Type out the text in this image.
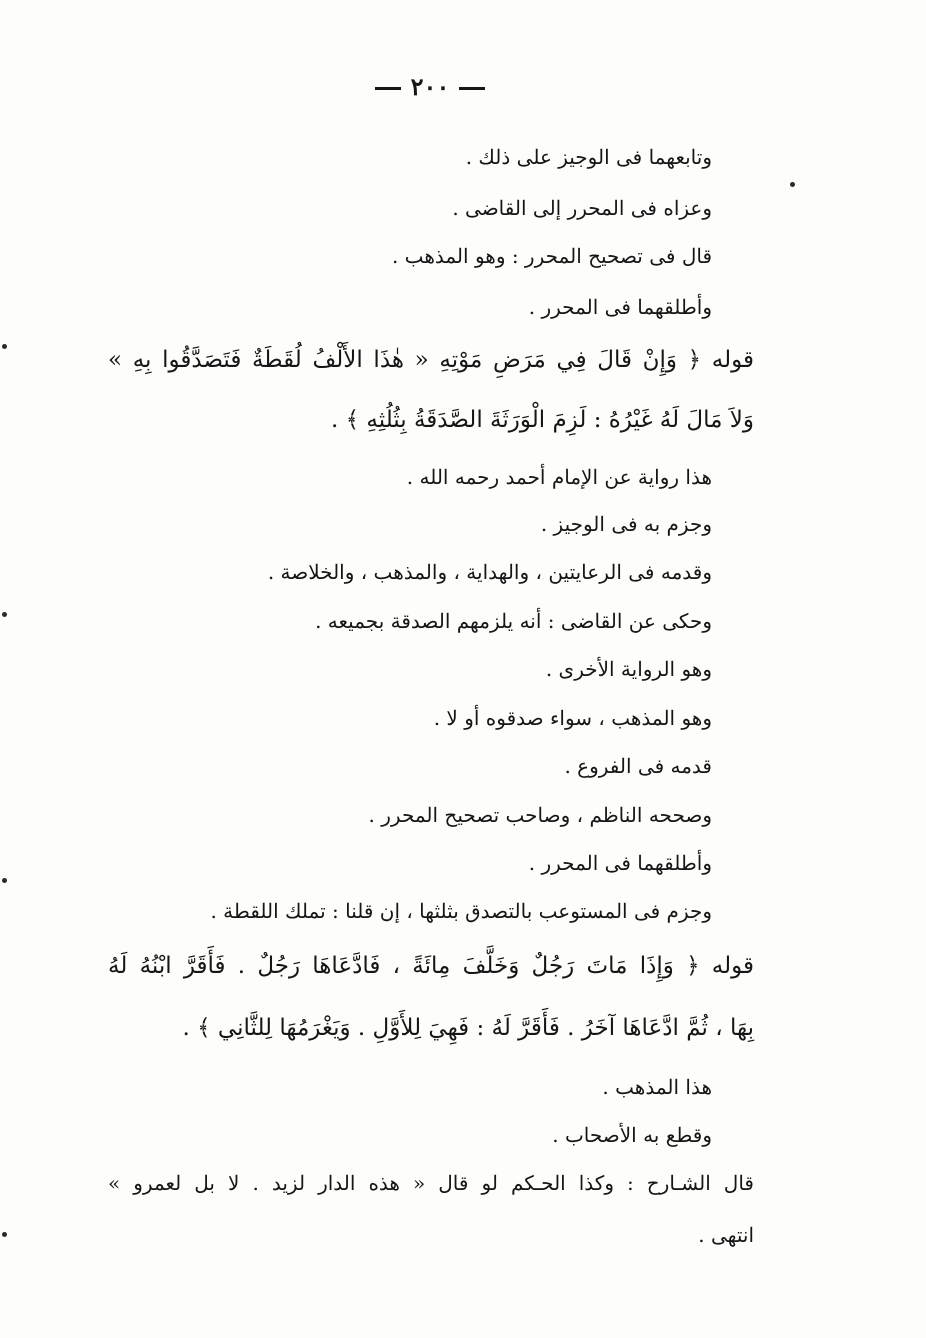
٢٠٠
وتابعهما فى الوجيز على ذلك .
وعزاه فى المحرر إلى القاضى .
قال فى تصحيح المحرر : وهو المذهب .
وأطلقهما فى المحرر .
قوله ﴿ وَإِنْ قَالَ فِي مَرَضِ مَوْتِهِ « هٰذَا الأَلْفُ لُقَطَةٌ فَتَصَدَّقُوا بِهِ »
وَلاَ مَالَ لَهُ غَيْرُهُ : لَزِمَ الْوَرَثَةَ الصَّدَقَةُ بِثُلُثِهِ ﴾ .
هذا رواية عن الإمام أحمد رحمه الله .
وجزم به فى الوجيز .
وقدمه فى الرعايتين ، والهداية ، والمذهب ، والخلاصة .
وحكى عن القاضى : أنه يلزمهم الصدقة بجميعه .
وهو الرواية الأخرى .
وهو المذهب ، سواء صدقوه أو لا .
قدمه فى الفروع .
وصححه الناظم ، وصاحب تصحيح المحرر .
وأطلقهما فى المحرر .
وجزم فى المستوعب بالتصدق بثلثها ، إن قلنا : تملك اللقطة .
قوله ﴿ وَإِذَا مَاتَ رَجُلٌ وَخَلَّفَ مِائَةً ، فَادَّعَاهَا رَجُلٌ . فَأَقَرَّ ابْنُهُ لَهُ
بِهَا ، ثُمَّ ادَّعَاهَا آخَرُ . فَأَقَرَّ لَهُ : فَهِيَ لِلأَوَّلِ . وَيَغْرَمُهَا لِلثَّانِي ﴾ .
هذا المذهب .
وقطع به الأصحاب .
قال الشـارح : وكذا الحـكم لو قال « هذه الدار لزيد . لا بل لعمرو »
انتهى .
